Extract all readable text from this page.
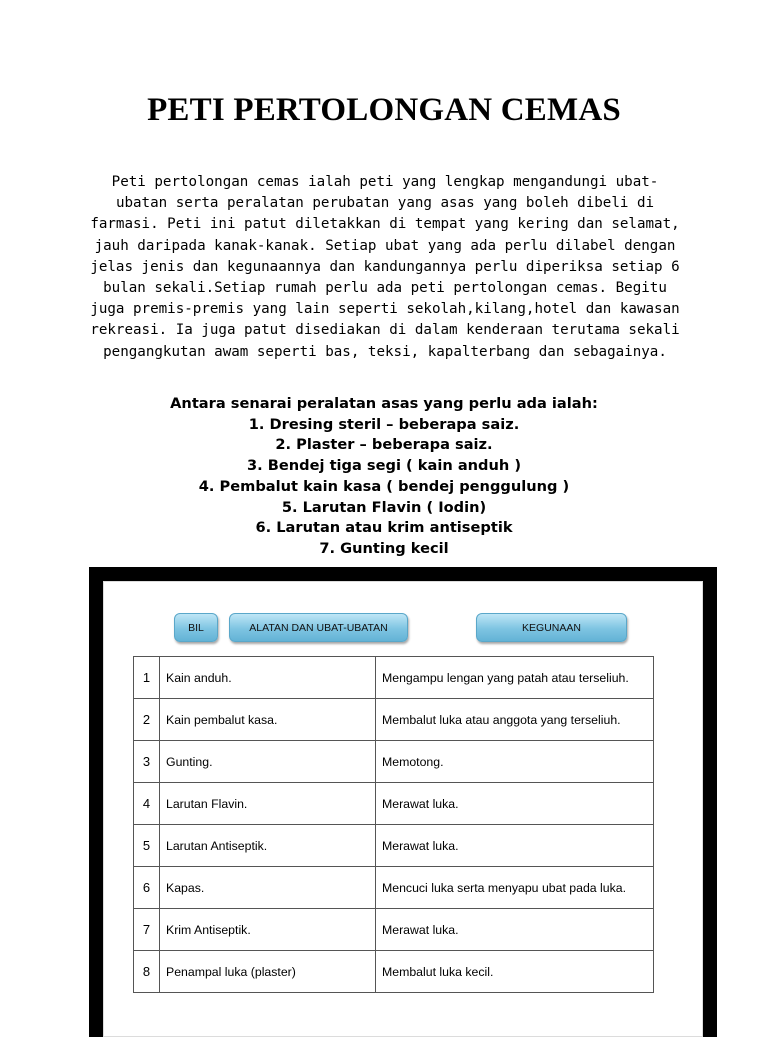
PETI PERTOLONGAN CEMAS

Peti pertolongan cemas ialah peti yang lengkap mengandungi ubat-ubatan serta peralatan perubatan yang asas yang boleh dibeli di farmasi. Peti ini patut diletakkan di tempat yang kering dan selamat, jauh daripada kanak-kanak. Setiap ubat yang ada perlu dilabel dengan jelas jenis dan kegunaannya dan kandungannya perlu diperiksa setiap 6 bulan sekali.Setiap rumah perlu ada peti pertolongan cemas. Begitu juga premis-premis yang lain seperti sekolah,kilang,hotel dan kawasan rekreasi. Ia juga patut disediakan di dalam kenderaan terutama sekali pengangkutan awam seperti bas, teksi, kapalterbang dan sebagainya.

Antara senarai peralatan asas yang perlu ada ialah:
1. Dresing steril – beberapa saiz.
2. Plaster – beberapa saiz.
3. Bendej tiga segi ( kain anduh )
4. Pembalut kain kasa ( bendej penggulung )
5. Larutan Flavin ( Iodin)
6. Larutan atau krim antiseptik
7. Gunting kecil
BIL	ALATAN DAN UBAT-UBATAN	KEGUNAAN
1	Kain anduh.	Mengampu lengan yang patah atau terseliuh.
2	Kain pembalut kasa.	Membalut luka atau anggota yang terseliuh.
3	Gunting.	Memotong.
4	Larutan Flavin.	Merawat luka.
5	Larutan Antiseptik.	Merawat luka.
6	Kapas.	Mencuci luka serta menyapu ubat pada luka.
7	Krim Antiseptik.	Merawat luka.
8	Penampal luka (plaster)	Membalut luka kecil.
